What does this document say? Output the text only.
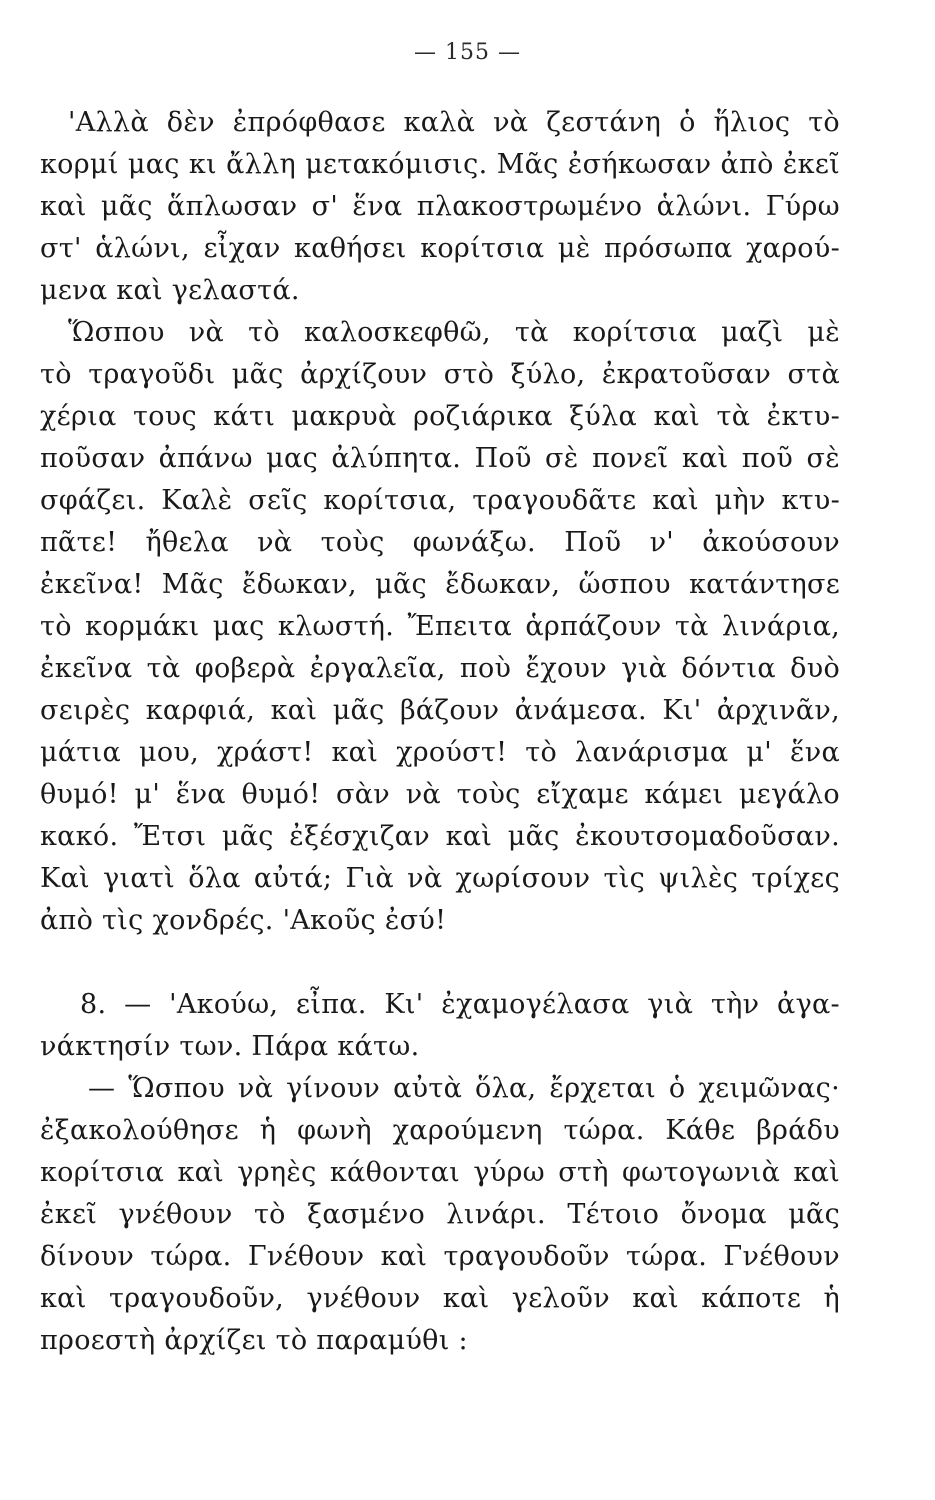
— 155 —
'Αλλὰ δὲν ἐπρόφθασε καλὰ νὰ ζεστάνη ὁ ἥλιος τὸ
κορμί μας κι ἄλλη μετακόμισις. Μᾶς ἐσήκωσαν ἀπὸ ἐκεῖ
καὶ μᾶς ἅπλωσαν σ' ἕνα πλακοστρωμένο ἁλώνι. Γύρω
στ' ἁλώνι, εἶχαν καθήσει κορίτσια μὲ πρόσωπα χαρού-
μενα καὶ γελαστά.
Ὥσπου νὰ τὸ καλοσκεφθῶ, τὰ κορίτσια μαζὶ μὲ
τὸ τραγοῦδι μᾶς ἀρχίζουν στὸ ξύλο, ἐκρατοῦσαν στὰ
χέρια τους κάτι μακρυὰ ροζιάρικα ξύλα καὶ τὰ ἐκτυ-
ποῦσαν ἀπάνω μας ἀλύπητα. Ποῦ σὲ πονεῖ καὶ ποῦ σὲ
σφάζει. Καλὲ σεῖς κορίτσια, τραγουδᾶτε καὶ μὴν κτυ-
πᾶτε! ἤθελα νὰ τοὺς φωνάξω. Ποῦ ν' ἀκούσουν
ἐκεῖνα! Μᾶς ἔδωκαν, μᾶς ἔδωκαν, ὥσπου κατάντησε
τὸ κορμάκι μας κλωστή. Ἔπειτα ἁρπάζουν τὰ λινάρια,
ἐκεῖνα τὰ φοβερὰ ἐργαλεῖα, ποὺ ἔχουν γιὰ δόντια δυὸ
σειρὲς καρφιά, καὶ μᾶς βάζουν ἀνάμεσα. Κι' ἀρχινᾶν,
μάτια μου, χράστ! καὶ χρούστ! τὸ λανάρισμα μ' ἕνα
θυμό! μ' ἕνα θυμό! σὰν νὰ τοὺς εἴχαμε κάμει μεγάλο
κακό. Ἔτσι μᾶς ἐξέσχιζαν καὶ μᾶς ἐκουτσομαδοῦσαν.
Καὶ γιατὶ ὅλα αὐτά; Γιὰ νὰ χωρίσουν τὶς ψιλὲς τρίχες
ἀπὸ τὶς χονδρές. 'Ακοῦς ἐσύ!
8. — 'Ακούω, εἶπα. Κι' ἐχαμογέλασα γιὰ τὴν ἀγα-
νάκτησίν των. Πάρα κάτω.
— Ὥσπου νὰ γίνουν αὐτὰ ὅλα, ἔρχεται ὁ χειμῶνας·
ἐξακολούθησε ἡ φωνὴ χαρούμενη τώρα. Κάθε βράδυ
κορίτσια καὶ γρηὲς κάθονται γύρω στὴ φωτογωνιὰ καὶ
ἐκεῖ γνέθουν τὸ ξασμένο λινάρι. Τέτοιο ὄνομα μᾶς
δίνουν τώρα. Γνέθουν καὶ τραγουδοῦν τώρα. Γνέθουν
καὶ τραγουδοῦν, γνέθουν καὶ γελοῦν καὶ κάποτε ἡ
προεστὴ ἀρχίζει τὸ παραμύθι :
